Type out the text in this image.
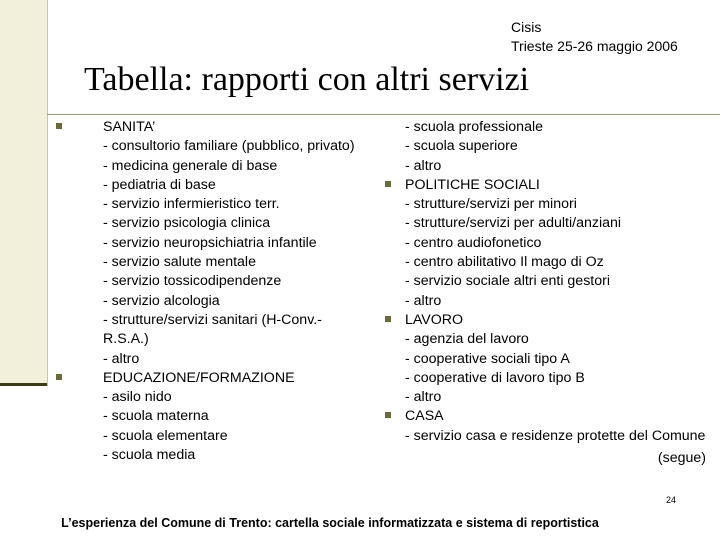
Cisis
Trieste 25-26 maggio 2006
Tabella: rapporti con altri servizi
SANITA’
- consultorio familiare (pubblico, privato)
- medicina generale di base
- pediatria di base
- servizio infermieristico terr.
- servizio psicologia clinica
- servizio neuropsichiatria infantile
- servizio salute mentale
- servizio tossicodipendenze
- servizio alcologia
- strutture/servizi sanitari (H-Conv.-R.S.A.)
- altro
EDUCAZIONE/FORMAZIONE
- asilo nido
- scuola materna
- scuola elementare
- scuola media
- scuola professionale
- scuola superiore
- altro
POLITICHE SOCIALI
- strutture/servizi per minori
- strutture/servizi per adulti/anziani
- centro audiofonetico
- centro abilitativo Il mago di Oz
- servizio sociale altri enti gestori
- altro
LAVORO
- agenzia del lavoro
- cooperative sociali tipo A
- cooperative di lavoro tipo B
- altro
CASA
- servizio casa e residenze protette del Comune
(segue)
24
L’esperienza del Comune di Trento: cartella sociale informatizzata e sistema di reportistica
